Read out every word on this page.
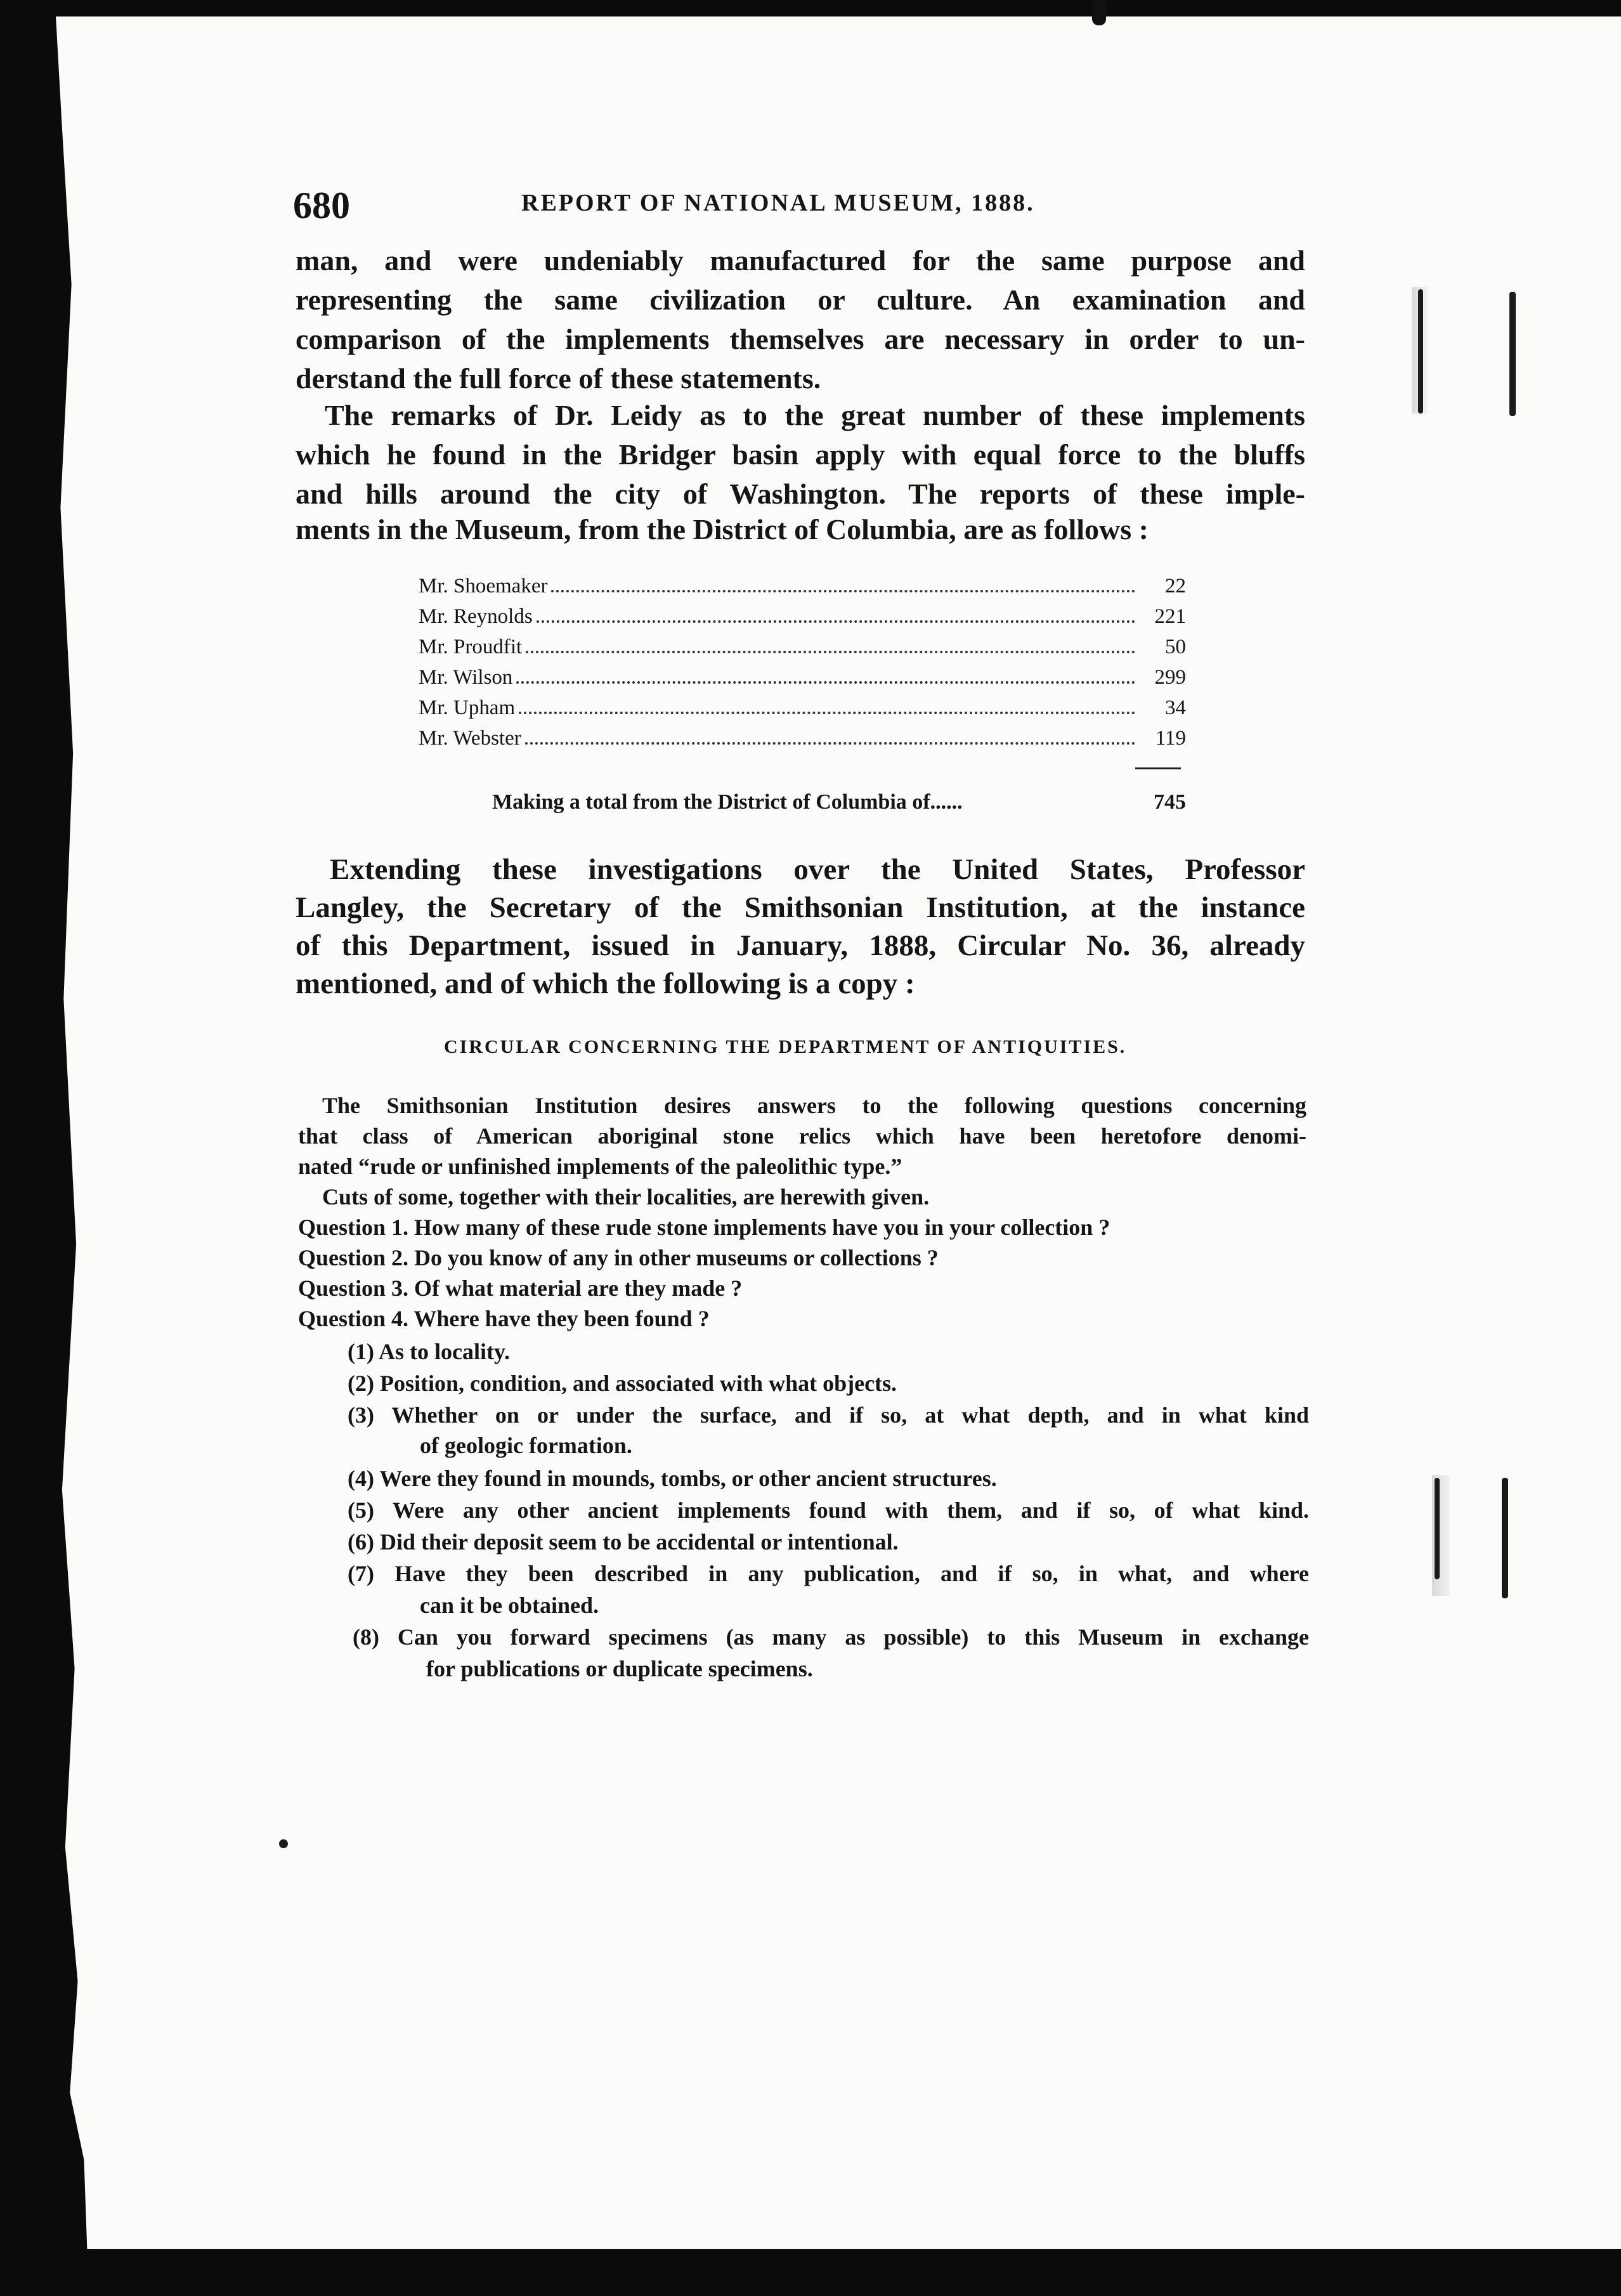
680	REPORT OF NATIONAL MUSEUM, 1888.
man, and were undeniably manufactured for the same purpose and
representing the same civilization or culture. An examination and
comparison of the implements themselves are necessary in order to un-
derstand the full force of these statements.
The remarks of Dr. Leidy as to the great number of these implements
which he found in the Bridger basin apply with equal force to the bluffs
and hills around the city of Washington. The reports of these imple-
ments in the Museum, from the District of Columbia, are as follows :
Mr. Shoemaker	22
Mr. Reynolds	221
Mr. Proudfit	50
Mr. Wilson	299
Mr. Upham	34
Mr. Webster	119
Making a total from the District of Columbia of......	745
Extending these investigations over the United States, Professor
Langley, the Secretary of the Smithsonian Institution, at the instance
of this Department, issued in January, 1888, Circular No. 36, already
mentioned, and of which the following is a copy :
CIRCULAR CONCERNING THE DEPARTMENT OF ANTIQUITIES.
The Smithsonian Institution desires answers to the following questions concerning
that class of American aboriginal stone relics which have been heretofore denomi-
nated “rude or unfinished implements of the paleolithic type.”
Cuts of some, together with their localities, are herewith given.
Question 1. How many of these rude stone implements have you in your collection ?
Question 2. Do you know of any in other museums or collections ?
Question 3. Of what material are they made ?
Question 4. Where have they been found ?
(1) As to locality.
(2) Position, condition, and associated with what objects.
(3) Whether on or under the surface, and if so, at what depth, and in what kind
of geologic formation.
(4) Were they found in mounds, tombs, or other ancient structures.
(5) Were any other ancient implements found with them, and if so, of what kind.
(6) Did their deposit seem to be accidental or intentional.
(7) Have they been described in any publication, and if so, in what, and where
can it be obtained.
(8) Can you forward specimens (as many as possible) to this Museum in exchange
for publications or duplicate specimens.
